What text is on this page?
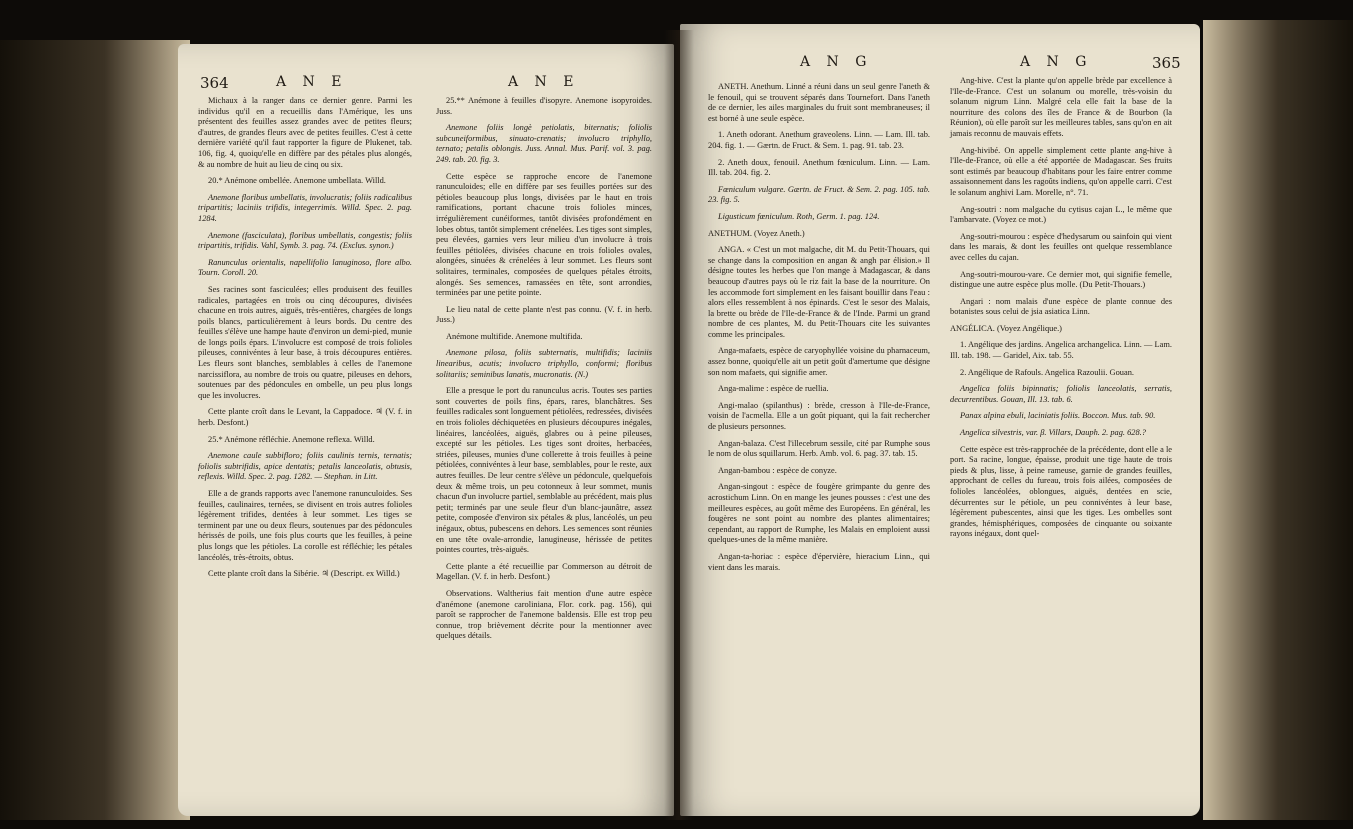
364	A N E	A N E

Michaux à la ranger dans ce dernier genre. Parmi les individus qu'il en a recueillis dans l'Amérique, les uns présentent des feuilles assez grandes avec de petites fleurs; d'autres, de grandes fleurs avec de petites feuilles. C'est à cette dernière variété qu'il faut rapporter la figure de Plukenet, tab. 106, fig. 4, quoiqu'elle en diffère par des pétales plus alongés, & au nombre de huit au lieu de cinq ou six.

20.* Anémone ombellée. Anemone umbellata. Willd.

Anemone floribus umbellatis, involucratis; foliis radicalibus tripartitis; laciniis trifidis, integerrimis. Willd. Spec. 2. pag. 1284.

Anemone (fasciculata), floribus umbellatis, congestis; foliis tripartitis, trifidis. Vahl, Symb. 3. pag. 74. (Exclus. synon.)

Ranunculus orientalis, napellifolio lanuginoso, flore albo. Tourn. Coroll. 20.

Ses racines sont fasciculées; elles produisent des feuilles radicales, partagées en trois ou cinq découpures, divisées chacune en trois autres, aiguës, très-entières, chargées de longs poils blancs, particulièrement à leurs bords. Du centre des feuilles s'élève une hampe haute d'environ un demi-pied, munie de longs poils épars. L'involucre est composé de trois folioles pileuses, connivéntes à leur base, à trois découpures entières. Les fleurs sont blanches, semblables à celles de l'anemone narcissiflora, au nombre de trois ou quatre, pileuses en dehors, soutenues par des pédoncules en ombelle, un peu plus longs que les involucres.

Cette plante croît dans le Levant, la Cappadoce. ♃ (V. f. in herb. Desfont.)

25.* Anémone réfléchie. Anemone reflexa. Willd.

Anemone caule subbifloro; foliis caulinis ternis, ternatis; foliolis subtrifidis, apice dentatis; petalis lanceolatis, obtusis, reflexis. Willd. Spec. 2. pag. 1282. — Stephan. in Litt.

Elle a de grands rapports avec l'anemone ranunculoides. Ses feuilles, caulinaires, ternées, se divisent en trois autres folioles légèrement trifides, dentées à leur sommet. Les tiges se terminent par une ou deux fleurs, soutenues par des pédoncules hérissés de poils, une fois plus courts que les feuilles, à peine plus longs que les pétioles. La corolle est réfléchie; les pétales lancéolés, très-étroits, obtus.

Cette plante croît dans la Sibérie. ♃ (Descript. ex Willd.)

25.** Anémone à feuilles d'isopyre. Anemone isopyroides. Juss.

Anemone foliis longè petiolatis, biternatis; foliolis subcuneiformibus, sinuato-crenatis; involucro triphyllo, ternato; petalis oblongis. Juss. Annal. Mus. Parif. vol. 3. pag. 249. tab. 20. fig. 3.

Cette espèce se rapproche encore de l'anemone ranunculoides; elle en diffère par ses feuilles portées sur des pétioles beaucoup plus longs, divisées par le haut en trois ramifications, portant chacune trois folioles minces, irrégulièrement cunéiformes, tantôt divisées profondément en lobes obtus, tantôt simplement crénelées. Les tiges sont simples, peu élevées, garnies vers leur milieu d'un involucre à trois feuilles pétiolées, divisées chacune en trois folioles ovales, alongées, sinuées & crénelées à leur sommet. Les fleurs sont solitaires, terminales, composées de quelques pétales étroits, alongés. Ses semences, ramassées en tête, sont arrondies, terminées par une petite pointe.

Le lieu natal de cette plante n'est pas connu. (V. f. in herb. Juss.)

Anémone multifide. Anemone multifida.

Anemone pilosa, foliis subternatis, multifidis; laciniis linearibus, acutis; involucro triphyllo, conformi; floribus solitariis; seminibus lanatis, mucronatis. (N.)

Elle a presque le port du ranunculus acris. Toutes ses parties sont couvertes de poils fins, épars, rares, blanchâtres. Ses feuilles radicales sont longuement pétiolées, redressées, divisées en trois folioles déchiquetées en plusieurs découpures inégales, linéaires, lancéolées, aiguës, glabres ou à peine pileuses, excepté sur les pétioles. Les tiges sont droites, herbacées, striées, pileuses, munies d'une collerette à trois feuilles à peine pétiolées, connivéntes à leur base, semblables, pour le reste, aux autres feuilles. De leur centre s'élève un pédoncule, quelquefois deux & même trois, un peu cotonneux à leur sommet, munis chacun d'un involucre partiel, semblable au précédent, mais plus petit; terminés par une seule fleur d'un blanc-jaunâtre, assez petite, composée d'environ six pétales & plus, lancéolés, un peu inégaux, obtus, pubescens en dehors. Les semences sont réunies en une tête ovale-arrondie, lanugineuse, hérissée de petites pointes courtes, très-aiguës.

Cette plante a été recueillie par Commerson au détroit de Magellan. (V. f. in herb. Desfont.)

Observations. Waltherius fait mention d'une autre espèce d'anémone (anemone caroliniana, Flor. cork. pag. 156), qui paroît se rapprocher de l'anemone baldensis. Elle est trop peu connue, trop brièvement décrite pour la mentionner avec quelques détails.

A N G	A N G	365

ANETH. Anethum. Linné a réuni dans un seul genre l'aneth & le fenouil, qui se trouvent séparés dans Tournefort. Dans l'aneth de ce dernier, les ailes marginales du fruit sont membraneuses; il est borné à une seule espèce.

1. Aneth odorant. Anethum graveolens. Linn. — Lam. Ill. tab. 204. fig. 1. — Gærtn. de Fruct. & Sem. 1. pag. 91. tab. 23.

2. Aneth doux, fenouil. Anethum fœniculum. Linn. — Lam. Ill. tab. 204. fig. 2.

Fœniculum vulgare. Gærtn. de Fruct. & Sem. 2. pag. 105. tab. 23. fig. 5.

Ligusticum fœniculum. Roth, Germ. 1. pag. 124.

ANETHUM. (Voyez Aneth.)

ANGA. « C'est un mot malgache, dit M. du Petit-Thouars, qui se change dans la composition en angan & angh par élision.» Il désigne toutes les herbes que l'on mange à Madagascar, & dans beaucoup d'autres pays où le riz fait la base de la nourriture. On les accommode fort simplement en les faisant bouillir dans l'eau : alors elles ressemblent à nos épinards. C'est le sesor des Malais, la brette ou brède de l'Ile-de-France & de l'Inde. Parmi un grand nombre de ces plantes, M. du Petit-Thouars cite les suivantes comme les principales.

Anga-mafaets, espèce de caryophyllée voisine du pharnaceum, assez bonne, quoiqu'elle ait un petit goût d'amertume que désigne son nom mafaets, qui signifie amer.

Anga-malime : espèce de ruellia.

Angi-malao (spilanthus) : brède, cresson à l'Ile-de-France, voisin de l'acmella. Elle a un goût piquant, qui la fait rechercher de plusieurs personnes.

Angan-balaza. C'est l'illecebrum sessile, cité par Rumphe sous le nom de olus squillarum. Herb. Amb. vol. 6. pag. 37. tab. 15.

Angan-bambou : espèce de conyze.

Angan-singout : espèce de fougère grimpante du genre des acrostichum Linn. On en mange les jeunes pousses : c'est une des meilleures espèces, au goût même des Européens. En général, les fougères ne sont point au nombre des plantes alimentaires; cependant, au rapport de Rumphe, les Malais en emploient aussi quelques-unes de la même manière.

Angan-ta-horiac : espèce d'épervière, hieracium Linn., qui vient dans les marais.

Ang-hive. C'est la plante qu'on appelle brède par excellence à l'Ile-de-France. C'est un solanum ou morelle, très-voisin du solanum nigrum Linn. Malgré cela elle fait la base de la nourriture des colons des îles de France & de Bourbon (la Réunion), où elle paroît sur les meilleures tables, sans qu'on en ait jamais reconnu de mauvais effets.

Ang-hivibé. On appelle simplement cette plante ang-hive à l'Ile-de-France, où elle a été apportée de Madagascar. Ses fruits sont estimés par beaucoup d'habitans pour les faire entrer comme assaisonnement dans les ragoûts indiens, qu'on appelle carri. C'est le solanum anghivi Lam. Morelle, n°. 71.

Ang-soutri : nom malgache du cytisus cajan L., le même que l'ambarvate. (Voyez ce mot.)

Ang-soutri-mourou : espèce d'hedysarum ou sainfoin qui vient dans les marais, & dont les feuilles ont quelque ressemblance avec celles du cajan.

Ang-soutri-mourou-vare. Ce dernier mot, qui signifie femelle, distingue une autre espèce plus molle. (Du Petit-Thouars.)

Angari : nom malais d'une espèce de plante connue des botanistes sous celui de jsia asiatica Linn.

ANGÉLICA. (Voyez Angélique.)

1. Angélique des jardins. Angelica archangelica. Linn. — Lam. Ill. tab. 198. — Garidel, Aix. tab. 55.

2. Angélique de Rafouls. Angelica Razoulii. Gouan.

Angelica foliis bipinnatis; foliolis lanceolatis, serratis, decurrentibus. Gouan, Ill. 13. tab. 6.

Panax alpina ebuli, laciniatis foliis. Boccon. Mus. tab. 90.

Angelica silvestris, var. β. Villars, Dauph. 2. pag. 628.?

Cette espèce est très-rapprochée de la précédente, dont elle a le port. Sa racine, longue, épaisse, produit une tige haute de trois pieds & plus, lisse, à peine rameuse, garnie de grandes feuilles, approchant de celles du fureau, trois fois ailées, composées de folioles lancéolées, oblongues, aiguës, dentées en scie, décurrentes sur le pétiole, un peu connivéntes à leur base, légèrement pubescentes, ainsi que les tiges. Les ombelles sont grandes, hémisphériques, composées de cinquante ou soixante rayons inégaux, dont quel-
